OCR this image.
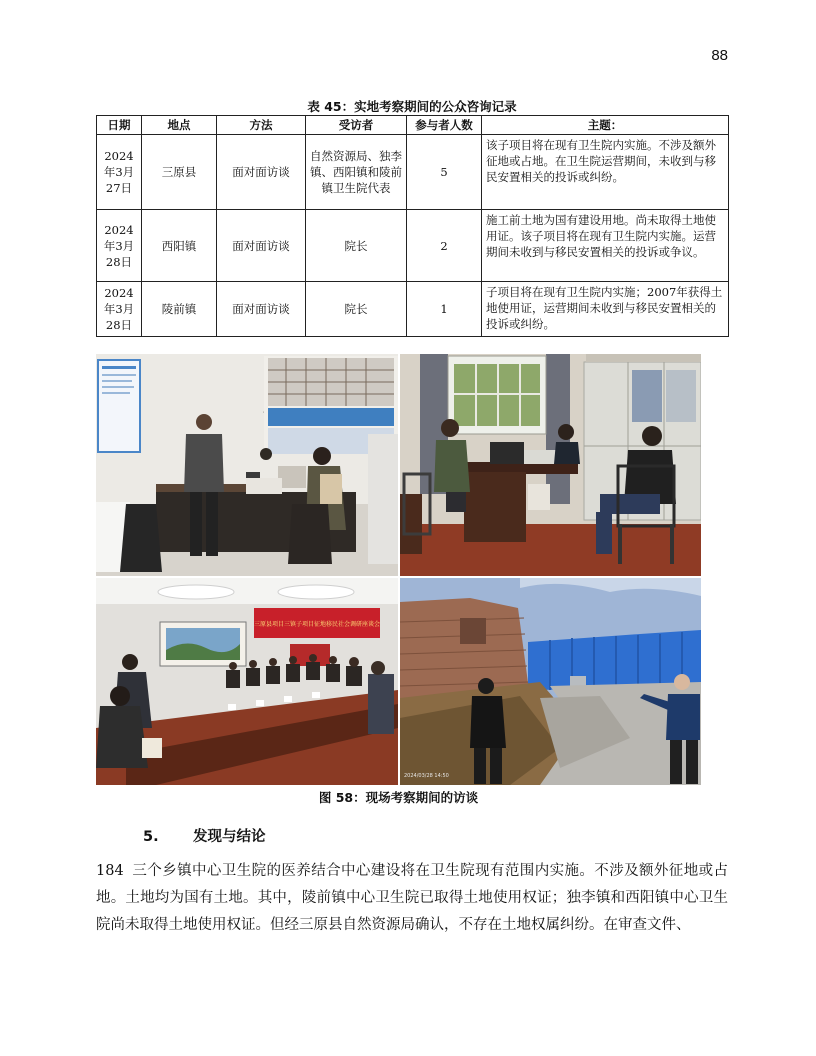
88
表 45：实地考察期间的公众咨询记录
日期	地点	方法	受访者	参与者人数	主题：
2024年3月27日	三原县	面对面访谈	自然资源局、独李镇、西阳镇和陵前镇卫生院代表	5	该子项目将在现有卫生院内实施。不涉及额外征地或占地。在卫生院运营期间，未收到与移民安置相关的投诉或纠纷。
2024年3月28日	西阳镇	面对面访谈	院长	2	施工前土地为国有建设用地。尚未取得土地使用证。该子项目将在现有卫生院内实施。运营期间未收到与移民安置相关的投诉或争议。
2024年3月28日	陵前镇	面对面访谈	院长	1	子项目将在现有卫生院内实施；2007年获得土地使用证，运营期间未收到与移民安置相关的投诉或纠纷。
三原县项目三镇子项目征地移民社会调研座谈会
2024/03/28 14:50
图 58：现场考察期间的访谈
5. 发现与结论
184 三个乡镇中心卫生院的医养结合中心建设将在卫生院现有范围内实施。不涉及额外征地或占地。土地均为国有土地。其中，陵前镇中心卫生院已取得土地使用权证；独李镇和西阳镇中心卫生院尚未取得土地使用权证。但经三原县自然资源局确认，不存在土地权属纠纷。在审查文件、
